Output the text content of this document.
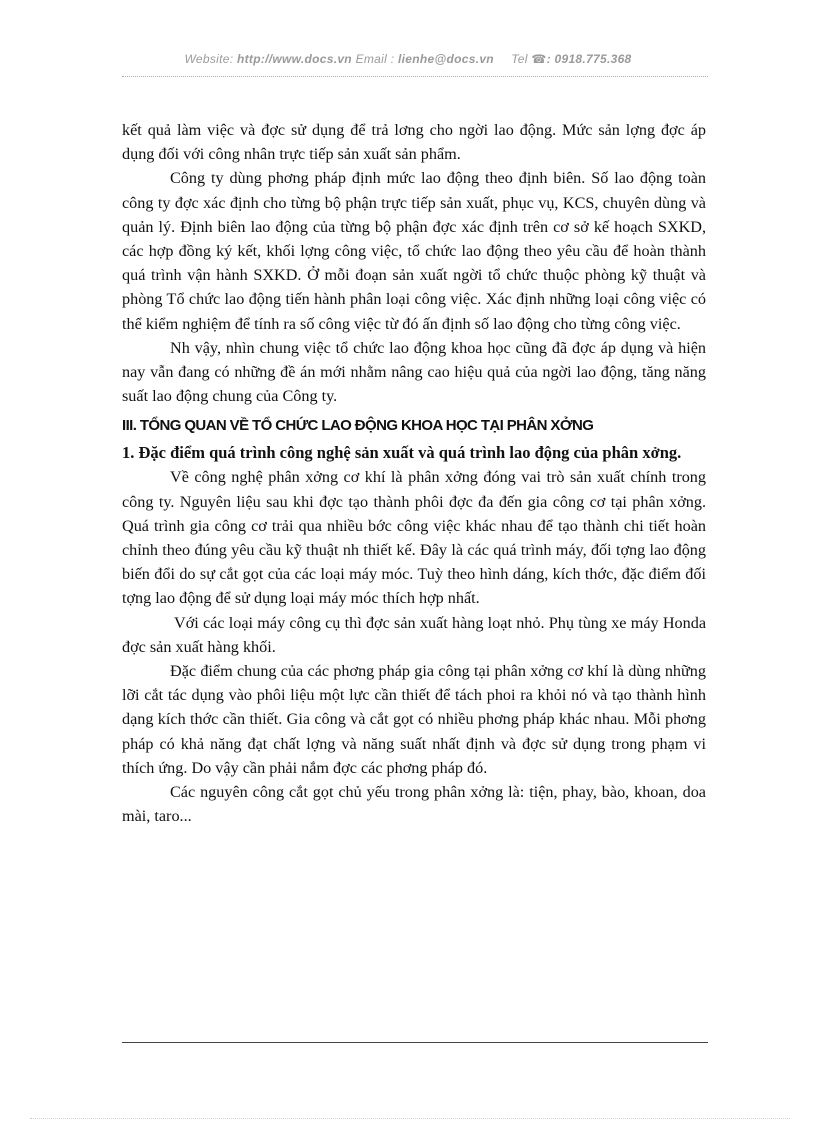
Website: http://www.docs.vn Email : lienhe@docs.vn Tel ☎: 0918.775.368

kết quả làm việc và đợc sử dụng để trả lơng cho ngời lao động. Mức sản lợng đợc áp dụng đối với công nhân trực tiếp sản xuất sản phẩm.

Công ty dùng phơng pháp định mức lao động theo định biên. Số lao động toàn công ty đợc xác định cho từng bộ phận trực tiếp sản xuất, phục vụ, KCS, chuyên dùng và quản lý. Định biên lao động của từng bộ phận đợc xác định trên cơ sở kế hoạch SXKD, các hợp đồng ký kết, khối lợng công việc, tổ chức lao động theo yêu cầu để hoàn thành quá trình vận hành SXKD. Ở mỗi đoạn sản xuất ngời tổ chức thuộc phòng kỹ thuật và phòng Tổ chức lao động tiến hành phân loại công việc. Xác định những loại công việc có thể kiểm nghiệm để tính ra số công việc từ đó ấn định số lao động cho từng công việc.

Nh vậy, nhìn chung việc tổ chức lao động khoa học cũng đã đợc áp dụng và hiện nay vẫn đang có những đề án mới nhằm nâng cao hiệu quả của ngời lao động, tăng năng suất lao động chung của Công ty.

III. TỔNG QUAN VỀ TỔ CHỨC LAO ĐỘNG KHOA HỌC TẠI PHÂN XỞNG
1. Đặc điểm quá trình công nghệ sản xuất và quá trình lao động của phân xởng.

Về công nghệ phân xởng cơ khí là phân xởng đóng vai trò sản xuất chính trong công ty. Nguyên liệu sau khi đợc tạo thành phôi đợc đa đến gia công cơ tại phân xởng. Quá trình gia công cơ trải qua nhiều bớc công việc khác nhau để tạo thành chi tiết hoàn chỉnh theo đúng yêu cầu kỹ thuật nh thiết kế. Đây là các quá trình máy, đối tợng lao động biến đổi do sự cắt gọt của các loại máy móc. Tuỳ theo hình dáng, kích thớc, đặc điểm đối tợng lao động để sử dụng loại máy móc thích hợp nhất.

Với các loại máy công cụ thì đợc sản xuất hàng loạt nhỏ. Phụ tùng xe máy Honda đợc sản xuất hàng khối.

Đặc điểm chung của các phơng pháp gia công tại phân xởng cơ khí là dùng những lỡi cắt tác dụng vào phôi liệu một lực cần thiết để tách phoi ra khỏi nó và tạo thành hình dạng kích thớc cần thiết. Gia công và cắt gọt có nhiều phơng pháp khác nhau. Mỗi phơng pháp có khả năng đạt chất lợng và năng suất nhất định và đợc sử dụng trong phạm vi thích ứng. Do vậy cần phải nắm đợc các phơng pháp đó.

Các nguyên công cắt gọt chủ yếu trong phân xởng là: tiện, phay, bào, khoan, doa mài, taro...
